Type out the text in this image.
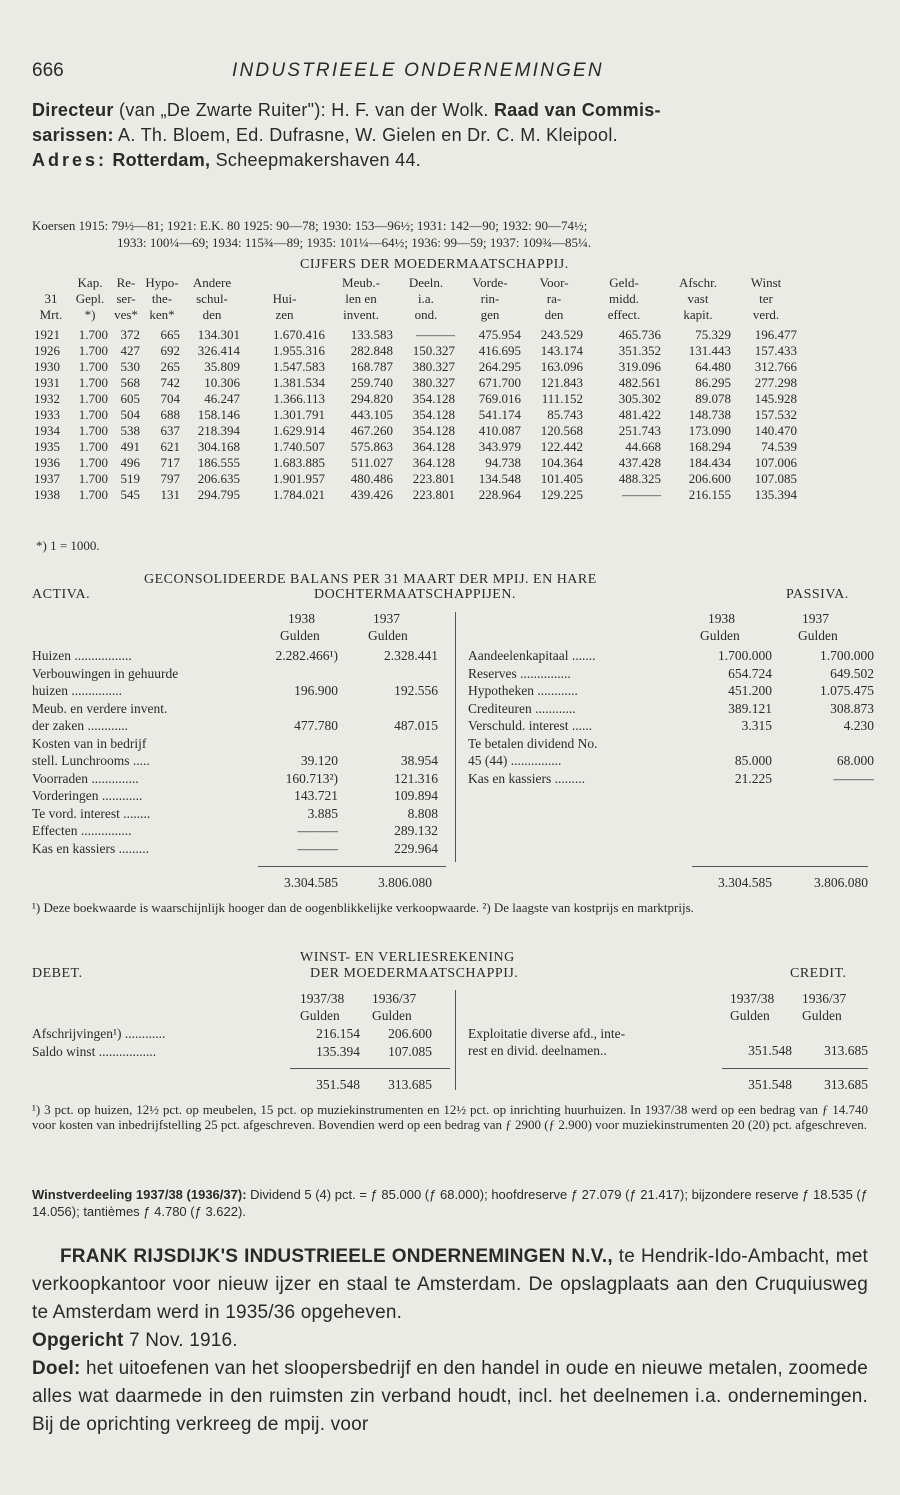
666	INDUSTRIEELE ONDERNEMINGEN
Directeur (van „De Zwarte Ruiter"): H. F. van der Wolk. Raad van Commis-
sarissen: A. Th. Bloem, Ed. Dufrasne, W. Gielen en Dr. C. M. Kleipool.
Adres: Rotterdam, Scheepmakershaven 44.
Koersen 1915: 79½—81; 1921: E.K. 80 1925: 90—78; 1930: 153—96½; 1931: 142—90; 1932: 90—74½;
1933: 100¼—69; 1934: 115¾—89; 1935: 101¼—64½; 1936: 99—59; 1937: 109¾—85¼.
CIJFERS DER MOEDERMAATSCHAPPIJ.
	Kap.	Re-	Hypo-	Andere		Meub.-	Deeln.	Vorde-	Voor-	Geld-	Afschr.	Winst
31	Gepl.	ser-	the-	schul-	Hui-	len en	i.a.	rin-	ra-	midd.	vast	ter
Mrt.	*)	ves*	ken*	den	zen	invent.	ond.	gen	den	effect.	kapit.	verd.
1921	1.700	372	665	134.301	1.670.416	133.583	———	475.954	243.529	465.736	75.329	196.477
1926	1.700	427	692	326.414	1.955.316	282.848	150.327	416.695	143.174	351.352	131.443	157.433
1930	1.700	530	265	35.809	1.547.583	168.787	380.327	264.295	163.096	319.096	64.480	312.766
1931	1.700	568	742	10.306	1.381.534	259.740	380.327	671.700	121.843	482.561	86.295	277.298
1932	1.700	605	704	46.247	1.366.113	294.820	354.128	769.016	111.152	305.302	89.078	145.928
1933	1.700	504	688	158.146	1.301.791	443.105	354.128	541.174	85.743	481.422	148.738	157.532
1934	1.700	538	637	218.394	1.629.914	467.260	354.128	410.087	120.568	251.743	173.090	140.470
1935	1.700	491	621	304.168	1.740.507	575.863	364.128	343.979	122.442	44.668	168.294	74.539
1936	1.700	496	717	186.555	1.683.885	511.027	364.128	94.738	104.364	437.428	184.434	107.006
1937	1.700	519	797	206.635	1.901.957	480.486	223.801	134.548	101.405	488.325	206.600	107.085
1938	1.700	545	131	294.795	1.784.021	439.426	223.801	228.964	129.225	———	216.155	135.394
*) 1 = 1000.
GECONSOLIDEERDE BALANS PER 31 MAART DER MPIJ. EN HARE
ACTIVA.	DOCHTERMAATSCHAPPIJEN.	PASSIVA.
1938	1937
Gulden	Gulden
1938	1937
Gulden	Gulden
Huizen .................	2.282.466¹)	2.328.441
Verbouwingen in gehuurde
huizen ...............	196.900	192.556
Meub. en verdere invent.
der zaken ............	477.780	487.015
Kosten van in bedrijf
stell. Lunchrooms .....	39.120	38.954
Voorraden ..............	160.713²)	121.316
Vorderingen ............	143.721	109.894
Te vord. interest ........	3.885	8.808
Effecten ...............	———	289.132
Kas en kassiers .........	———	229.964
Aandeelenkapitaal .......	1.700.000	1.700.000
Reserves ...............	654.724	649.502
Hypotheken ............	451.200	1.075.475
Crediteuren ............	389.121	308.873
Verschuld. interest ......	3.315	4.230
Te betalen dividend No.
45 (44) ...............	85.000	68.000
Kas en kassiers .........	21.225	———
3.304.585	3.806.080	3.304.585	3.806.080
¹) Deze boekwaarde is waarschijnlijk hooger dan de oogenblikkelijke verkoopwaarde. ²) De laagste van kostprijs en marktprijs.
WINST- EN VERLIESREKENING
DEBET.	DER MOEDERMAATSCHAPPIJ.	CREDIT.
1937/38 1936/37
Gulden Gulden
1937/38 1936/37
Gulden Gulden
Afschrijvingen¹) ............	216.154	206.600
Saldo winst .................	135.394	107.085
Exploitatie diverse afd., inte-
rest en divid. deelnamen..	351.548	313.685
351.548	313.685	351.548	313.685
¹) 3 pct. op huizen, 12½ pct. op meubelen, 15 pct. op muziekinstrumenten en 12½ pct. op inrichting huurhuizen. In 1937/38 werd op een bedrag van ƒ 14.740 voor kosten van inbedrijfstelling 25 pct. afgeschreven. Bovendien werd op een bedrag van ƒ 2900 (ƒ 2.900) voor muziekinstrumenten 20 (20) pct. afgeschreven.
Winstverdeeling 1937/38 (1936/37): Dividend 5 (4) pct. = ƒ 85.000 (ƒ 68.000); hoofdreserve ƒ 27.079 (ƒ 21.417); bijzondere reserve ƒ 18.535 (ƒ 14.056); tantièmes ƒ 4.780 (ƒ 3.622).
FRANK RIJSDIJK'S INDUSTRIEELE ONDERNEMINGEN N.V., te Hendrik-Ido-Ambacht, met verkoopkantoor voor nieuw ijzer en staal te Amsterdam. De opslagplaats aan den Cruquiusweg te Amsterdam werd in 1935/36 opgeheven.
Opgericht 7 Nov. 1916.
Doel: het uitoefenen van het sloopersbedrijf en den handel in oude en nieuwe metalen, zoomede alles wat daarmede in den ruimsten zin verband houdt, incl. het deelnemen i.a. ondernemingen. Bij de oprichting verkreeg de mpij. voor
